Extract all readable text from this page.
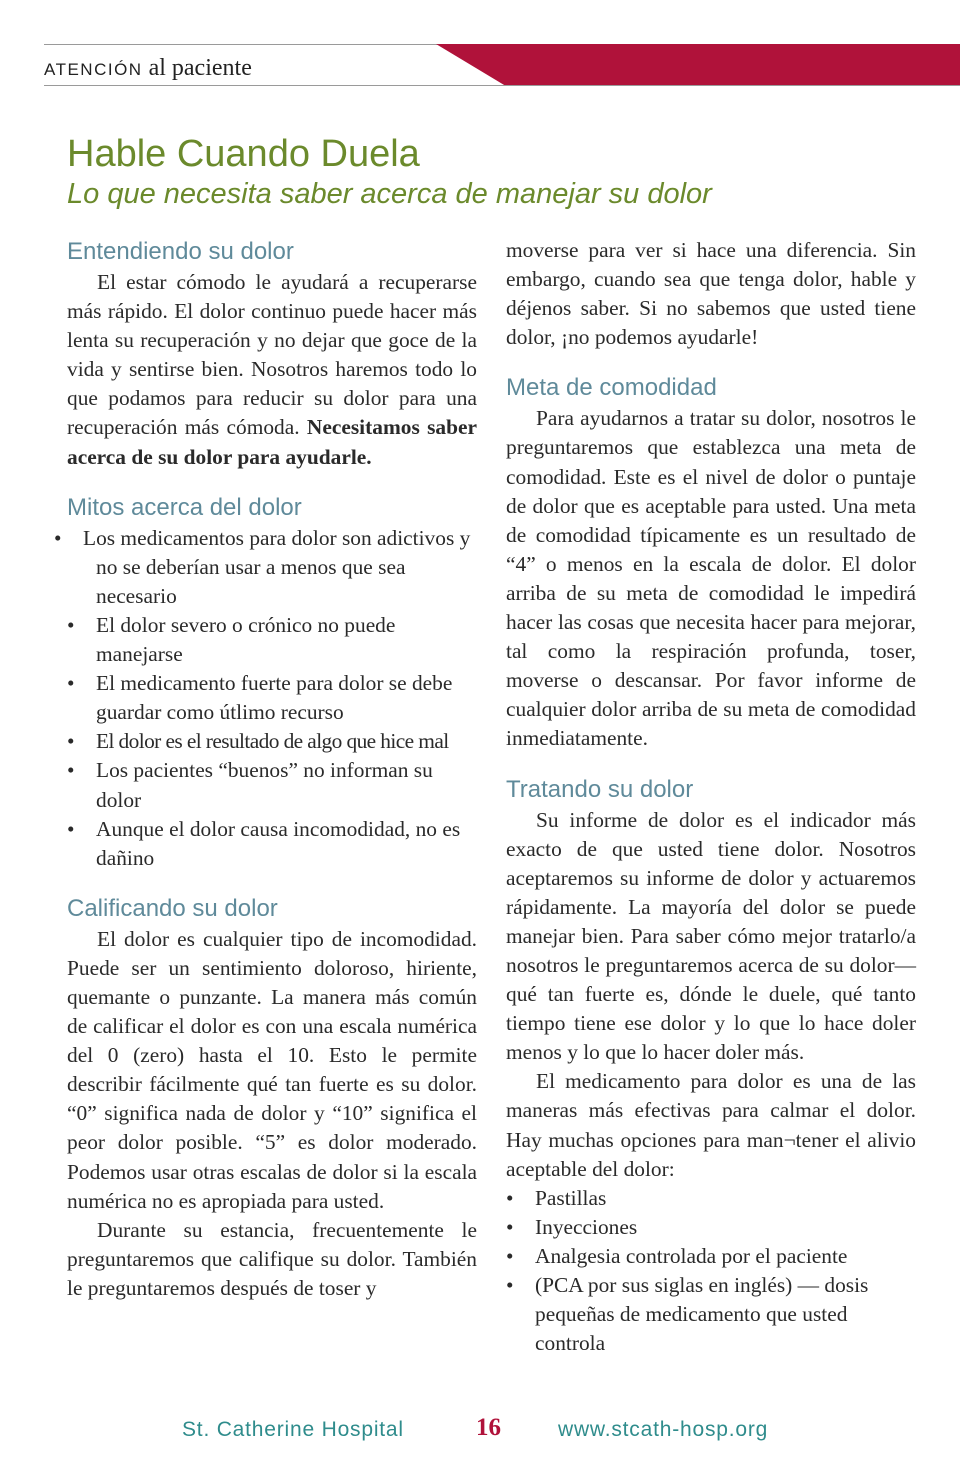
ATENCIÓN al paciente
Hable Cuando Duela
Lo que necesita saber acerca de manejar su dolor
Entendiendo su dolor

El estar cómodo le ayudará a recuperarse más rápido. El dolor continuo puede hacer más lenta su recuperación y no dejar que goce de la vida y sentirse bien. Nosotros haremos todo lo que podamos para reducir su dolor para una recuperación más cómoda. Necesitamos saber acerca de su dolor para ayudarle.

Mitos acerca del dolor
• Los medicamentos para dolor son adictivos y no se deberían usar a menos que sea necesario
• El dolor severo o crónico no puede manejarse
• El medicamento fuerte para dolor se debe guardar como útlimo recurso
• El dolor es el resultado de algo que hice mal
• Los pacientes “buenos” no informan su dolor
• Aunque el dolor causa incomodidad, no es dañino
Calificando su dolor

El dolor es cualquier tipo de incomodidad. Puede ser un sentimiento doloroso, hiriente, quemante o punzante. La manera más común de calificar el dolor es con una escala numérica del 0 (zero) hasta el 10. Esto le permite describir fácilmente qué tan fuerte es su dolor. “0” significa nada de dolor y “10” significa el peor dolor posible. “5” es dolor moderado. Podemos usar otras escalas de dolor si la escala numérica no es apropiada para usted.

Durante su estancia, frecuentemente le preguntaremos que califique su dolor. También le preguntaremos después de toser y

moverse para ver si hace una diferencia. Sin embargo, cuando sea que tenga dolor, hable y déjenos saber. Si no sabemos que usted tiene dolor, ¡no podemos ayudarle!

Meta de comodidad

Para ayudarnos a tratar su dolor, nosotros le preguntaremos que establezca una meta de comodidad. Este es el nivel de dolor o puntaje de dolor que es aceptable para usted. Una meta de comodidad típicamente es un resultado de “4” o menos en la escala de dolor. El dolor arriba de su meta de comodidad le impedirá hacer las cosas que necesita hacer para mejorar, tal como la respiración profunda, toser, moverse o descansar. Por favor informe de cualquier dolor arriba de su meta de comodidad inmediatamente.

Tratando su dolor

Su informe de dolor es el indicador más exacto de que usted tiene dolor. Nosotros aceptaremos su informe de dolor y actuaremos rápidamente. La mayoría del dolor se puede manejar bien. Para saber cómo mejor tratarlo/a nosotros le preguntaremos acerca de su dolor—qué tan fuerte es, dónde le duele, qué tanto tiempo tiene ese dolor y lo que lo hace doler menos y lo que lo hacer doler más.

El medicamento para dolor es una de las maneras más efectivas para calmar el dolor. Hay muchas opciones para man¬tener el alivio aceptable del dolor:

• Pastillas
• Inyecciones
• Analgesia controlada por el paciente
• (PCA por sus siglas en inglés) — dosis pequeñas de medicamento que usted controla
St. Catherine Hospital	16	www.stcath-hosp.org
